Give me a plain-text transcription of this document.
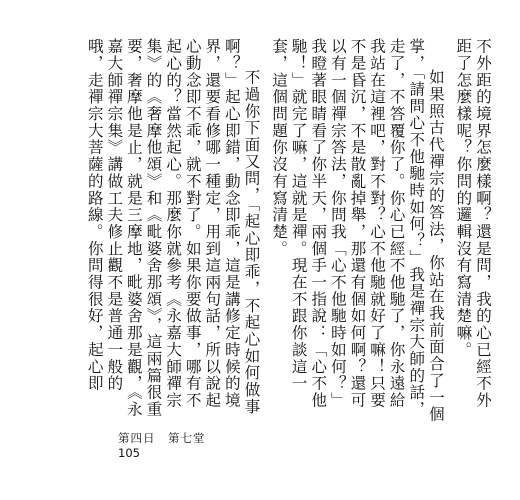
不外距的境界怎麼樣啊？還是問，我的心已經不外距了怎麼樣呢？你問的邏輯沒有寫清楚嘛。

如果照古代禪宗的答法，你站在我前面合了一個掌，「請問心不他馳時如何？」我是禪宗大師的話，走了，不答覆你了。你心已經不他馳了，你永遠給我站在這裡吧，對不對？心不他馳就好了嘛！只要不是昏沉，不是散亂掉舉，那還有個如何啊？還可以有一個禪宗答法，你問我「心不他馳時如何？」我瞪著眼睛看了你半天，兩個手一指說：「心不他馳！」就完了嘛，這就是禪。現在不跟你談這一套，這個問題你沒有寫清楚。

不過你下面又問，「起心即乖，不起心如何做事啊？」起心即錯，動念即乖，這是講修定時候的境界，還要看修哪一種定，用到這兩句話，所以說起心動念即不乖，就不對了。如果你要做事，哪有不起心的？當然起心。那麼你就參考《永嘉大師禪宗集》的《奢摩他頌》和《毗婆舍那頌》，這兩篇很重要，奢摩他是止，就是三摩地，毗婆舍那是觀，《永嘉大師禪宗集》講做工夫修止觀不是普通一般的哦，走禪宗大菩薩的路線。你問得很好，起心即

第四日　第七堂
105
